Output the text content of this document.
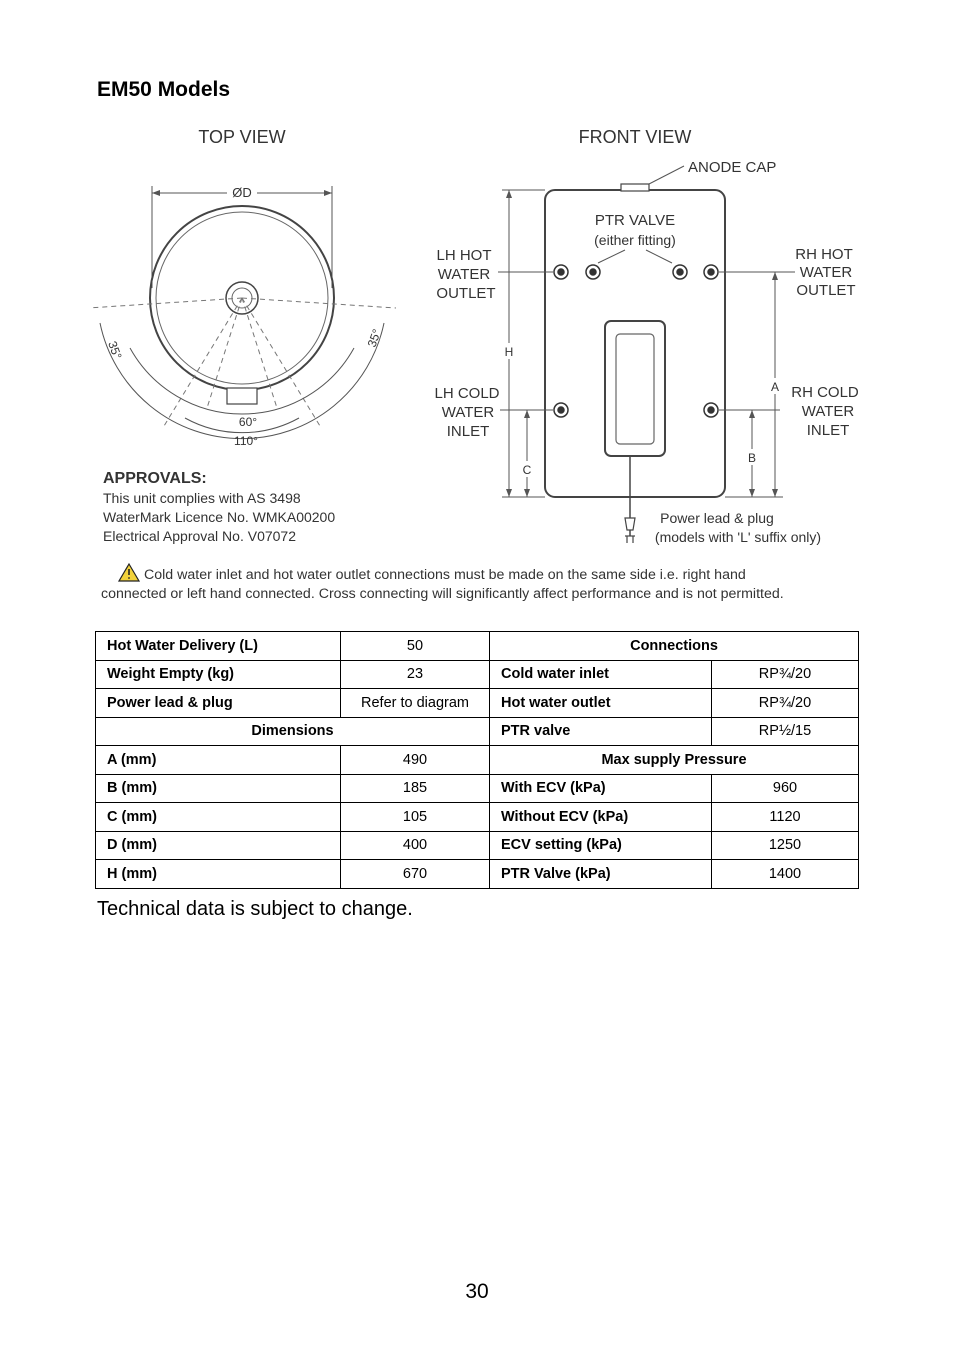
EM50 Models
TOP VIEW
ØD
35°
35°
60°
110°
APPROVALS:
This unit complies with AS 3498
WaterMark Licence No. WMKA00200
Electrical Approval No. V07072
FRONT VIEW
ANODE CAP
PTR VALVE
(either fitting)
Power lead & plug
(models with 'L' suffix only)
LH HOT
WATER
OUTLET
RH HOT
WATER
OUTLET
LH COLD
WATER
INLET
RH COLD
WATER
INLET
H
C
A
B
Cold water inlet and hot water outlet connections must be made on the same side i.e. right hand
connected or left hand connected. Cross connecting will significantly affect performance and is not permitted.
Hot Water Delivery (L)	50	Connections	
Weight Empty (kg)	23	Cold water inlet	RP¾/20
Power lead & plug	Refer to diagram	Hot water outlet	RP¾/20
Dimensions		PTR valve	RP½/15
A (mm)	490	Max supply Pressure	
B (mm)	185	With ECV (kPa)	960
C (mm)	105	Without ECV (kPa)	1120
D (mm)	400	ECV setting (kPa)	1250
H (mm)	670	PTR Valve (kPa)	1400
Technical data is subject to change.
30
